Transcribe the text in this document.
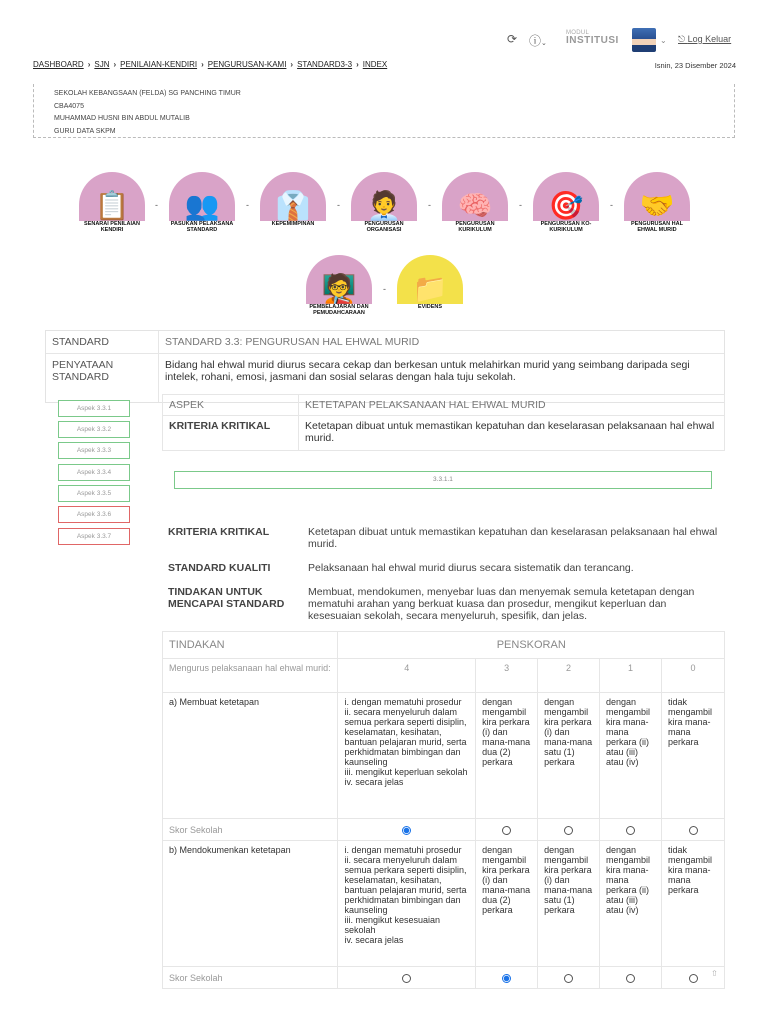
⟳ ⓘ⌄
MODUL
INSTITUSI	⌄ ⎋ Log Keluar
DASHBOARD › SJN › PENILAIAN-KENDIRI › PENGURUSAN-KAMI › STANDARD3-3 › INDEX	Isnin, 23 Disember 2024
SEKOLAH KEBANGSAAN (FELDA) SG PANCHING TIMUR
CBA4075
MUHAMMAD HUSNI BIN ABDUL MUTALIB
GURU DATA SKPM
📋
SENARAI PENILAIAN KENDIRI
- 👥
PASUKAN PELAKSANA STANDARD
- 👔
KEPEMIMPINAN
- 🧑‍💼
PENGURUSAN ORGANISASI
- 🧠
PENGURUSAN KURIKULUM
- 🎯
PENGURUSAN KO-KURIKULUM
- 🤝
PENGURUSAN HAL EHWAL MURID
🧑‍🏫
PEMBELAJARAN DAN PEMUDAHCARAAN
- 📁
EVIDENS
STANDARD	STANDARD 3.3: PENGURUSAN HAL EHWAL MURID
PENYATAAN STANDARD
Bidang hal ehwal murid diurus secara cekap dan berkesan untuk melahirkan murid yang seimbang daripada segi intelek, rohani, emosi, jasmani dan sosial selaras dengan hala tuju sekolah.
Aspek 3.3.1
Aspek 3.3.2
Aspek 3.3.3
Aspek 3.3.4
Aspek 3.3.5
Aspek 3.3.6
Aspek 3.3.7
ASPEK	KETETAPAN PELAKSANAAN HAL EHWAL MURID
KRITERIA KRITIKAL	Ketetapan dibuat untuk memastikan kepatuhan dan keselarasan pelaksanaan hal ehwal murid.
3.3.1.1
KRITERIA KRITIKAL	Ketetapan dibuat untuk memastikan kepatuhan dan keselarasan pelaksanaan hal ehwal murid.
STANDARD KUALITI	Pelaksanaan hal ehwal murid diurus secara sistematik dan terancang.
TINDAKAN UNTUK MENCAPAI STANDARD
Membuat, mendokumen, menyebar luas dan menyemak semula ketetapan dengan mematuhi arahan yang berkuat kuasa dan prosedur, mengikut keperluan dan kesesuaian sekolah, secara menyeluruh, spesifik, dan jelas.
TINDAKAN	PENSKORAN				
Mengurus pelaksanaan hal ehwal murid:	4	3	2	1	0
a) Membuat ketetapan	i. dengan mematuhi prosedur
ii. secara menyeluruh dalam semua perkara seperti disiplin, keselamatan, kesihatan, bantuan pelajaran murid, serta perkhidmatan bimbingan dan kaunseling
iii. mengikut keperluan sekolah
iv. secara jelas	dengan mengambil kira perkara (i) dan mana-mana dua (2) perkara	dengan mengambil kira perkara (i) dan mana-mana satu (1) perkara	dengan mengambil kira mana-mana perkara (ii) atau (iii) atau (iv)	tidak mengambil kira mana-mana perkara
Skor Sekolah					
b) Mendokumenkan ketetapan	i. dengan mematuhi prosedur
ii. secara menyeluruh dalam semua perkara seperti disiplin, keselamatan, kesihatan, bantuan pelajaran murid, serta perkhidmatan bimbingan dan kaunseling
iii. mengikut kesesuaian sekolah
iv. secara jelas	dengan mengambil kira perkara (i) dan mana-mana dua (2) perkara	dengan mengambil kira perkara (i) dan mana-mana satu (1) perkara	dengan mengambil kira mana-mana perkara (ii) atau (iii) atau (iv)	tidak mengambil kira mana-mana perkara
Skor Sekolah						⇧
